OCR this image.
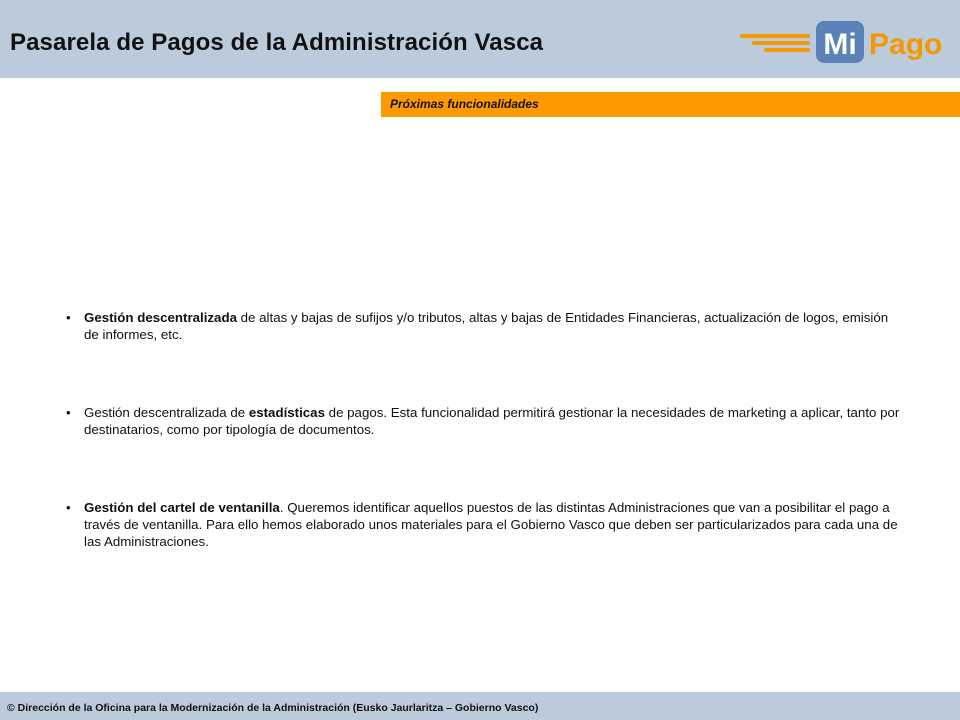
Pasarela de Pagos de la Administración Vasca	Mi Pago
Próximas funcionalidades
• Gestión descentralizada de altas y bajas de sufijos y/o tributos, altas y bajas de Entidades Financieras, actualización de logos, emisión de informes, etc.
• Gestión descentralizada de estadísticas de pagos. Esta funcionalidad permitirá gestionar la necesidades de marketing a aplicar, tanto por destinatarios, como por tipología de documentos.
• Gestión del cartel de ventanilla. Queremos identificar aquellos puestos de las distintas Administraciones que van a posibilitar el pago a través de ventanilla. Para ello hemos elaborado unos materiales para el Gobierno Vasco que deben ser particularizados para cada una de las Administraciones.
© Dirección de la Oficina para la Modernización de la Administración (Eusko Jaurlaritza – Gobierno Vasco)
